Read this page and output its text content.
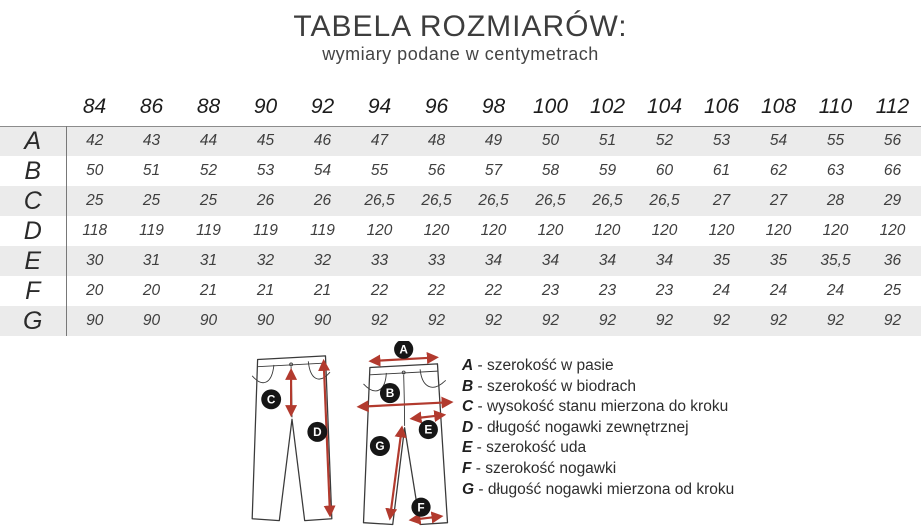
TABELA ROZMIARÓW:
wymiary podane w centymetrach
	84	86	88	90	92	94	96	98	100	102	104	106	108	110	112
A	42	43	44	45	46	47	48	49	50	51	52	53	54	55	56
B	50	51	52	53	54	55	56	57	58	59	60	61	62	63	66
C	25	25	25	26	26	26,5	26,5	26,5	26,5	26,5	26,5	27	27	28	29
D	118	119	119	119	119	120	120	120	120	120	120	120	120	120	120
E	30	31	31	32	32	33	33	34	34	34	34	35	35	35,5	36
F	20	20	21	21	21	22	22	22	23	23	23	24	24	24	25
G	90	90	90	90	90	92	92	92	92	92	92	92	92	92	92
C
D
A
B
E
G
F
A - szerokość w pasie
B - szerokość w biodrach
C - wysokość stanu mierzona do kroku
D - długość nogawki zewnętrznej
E - szerokość uda
F - szerokość nogawki
G - długość nogawki mierzona od kroku
